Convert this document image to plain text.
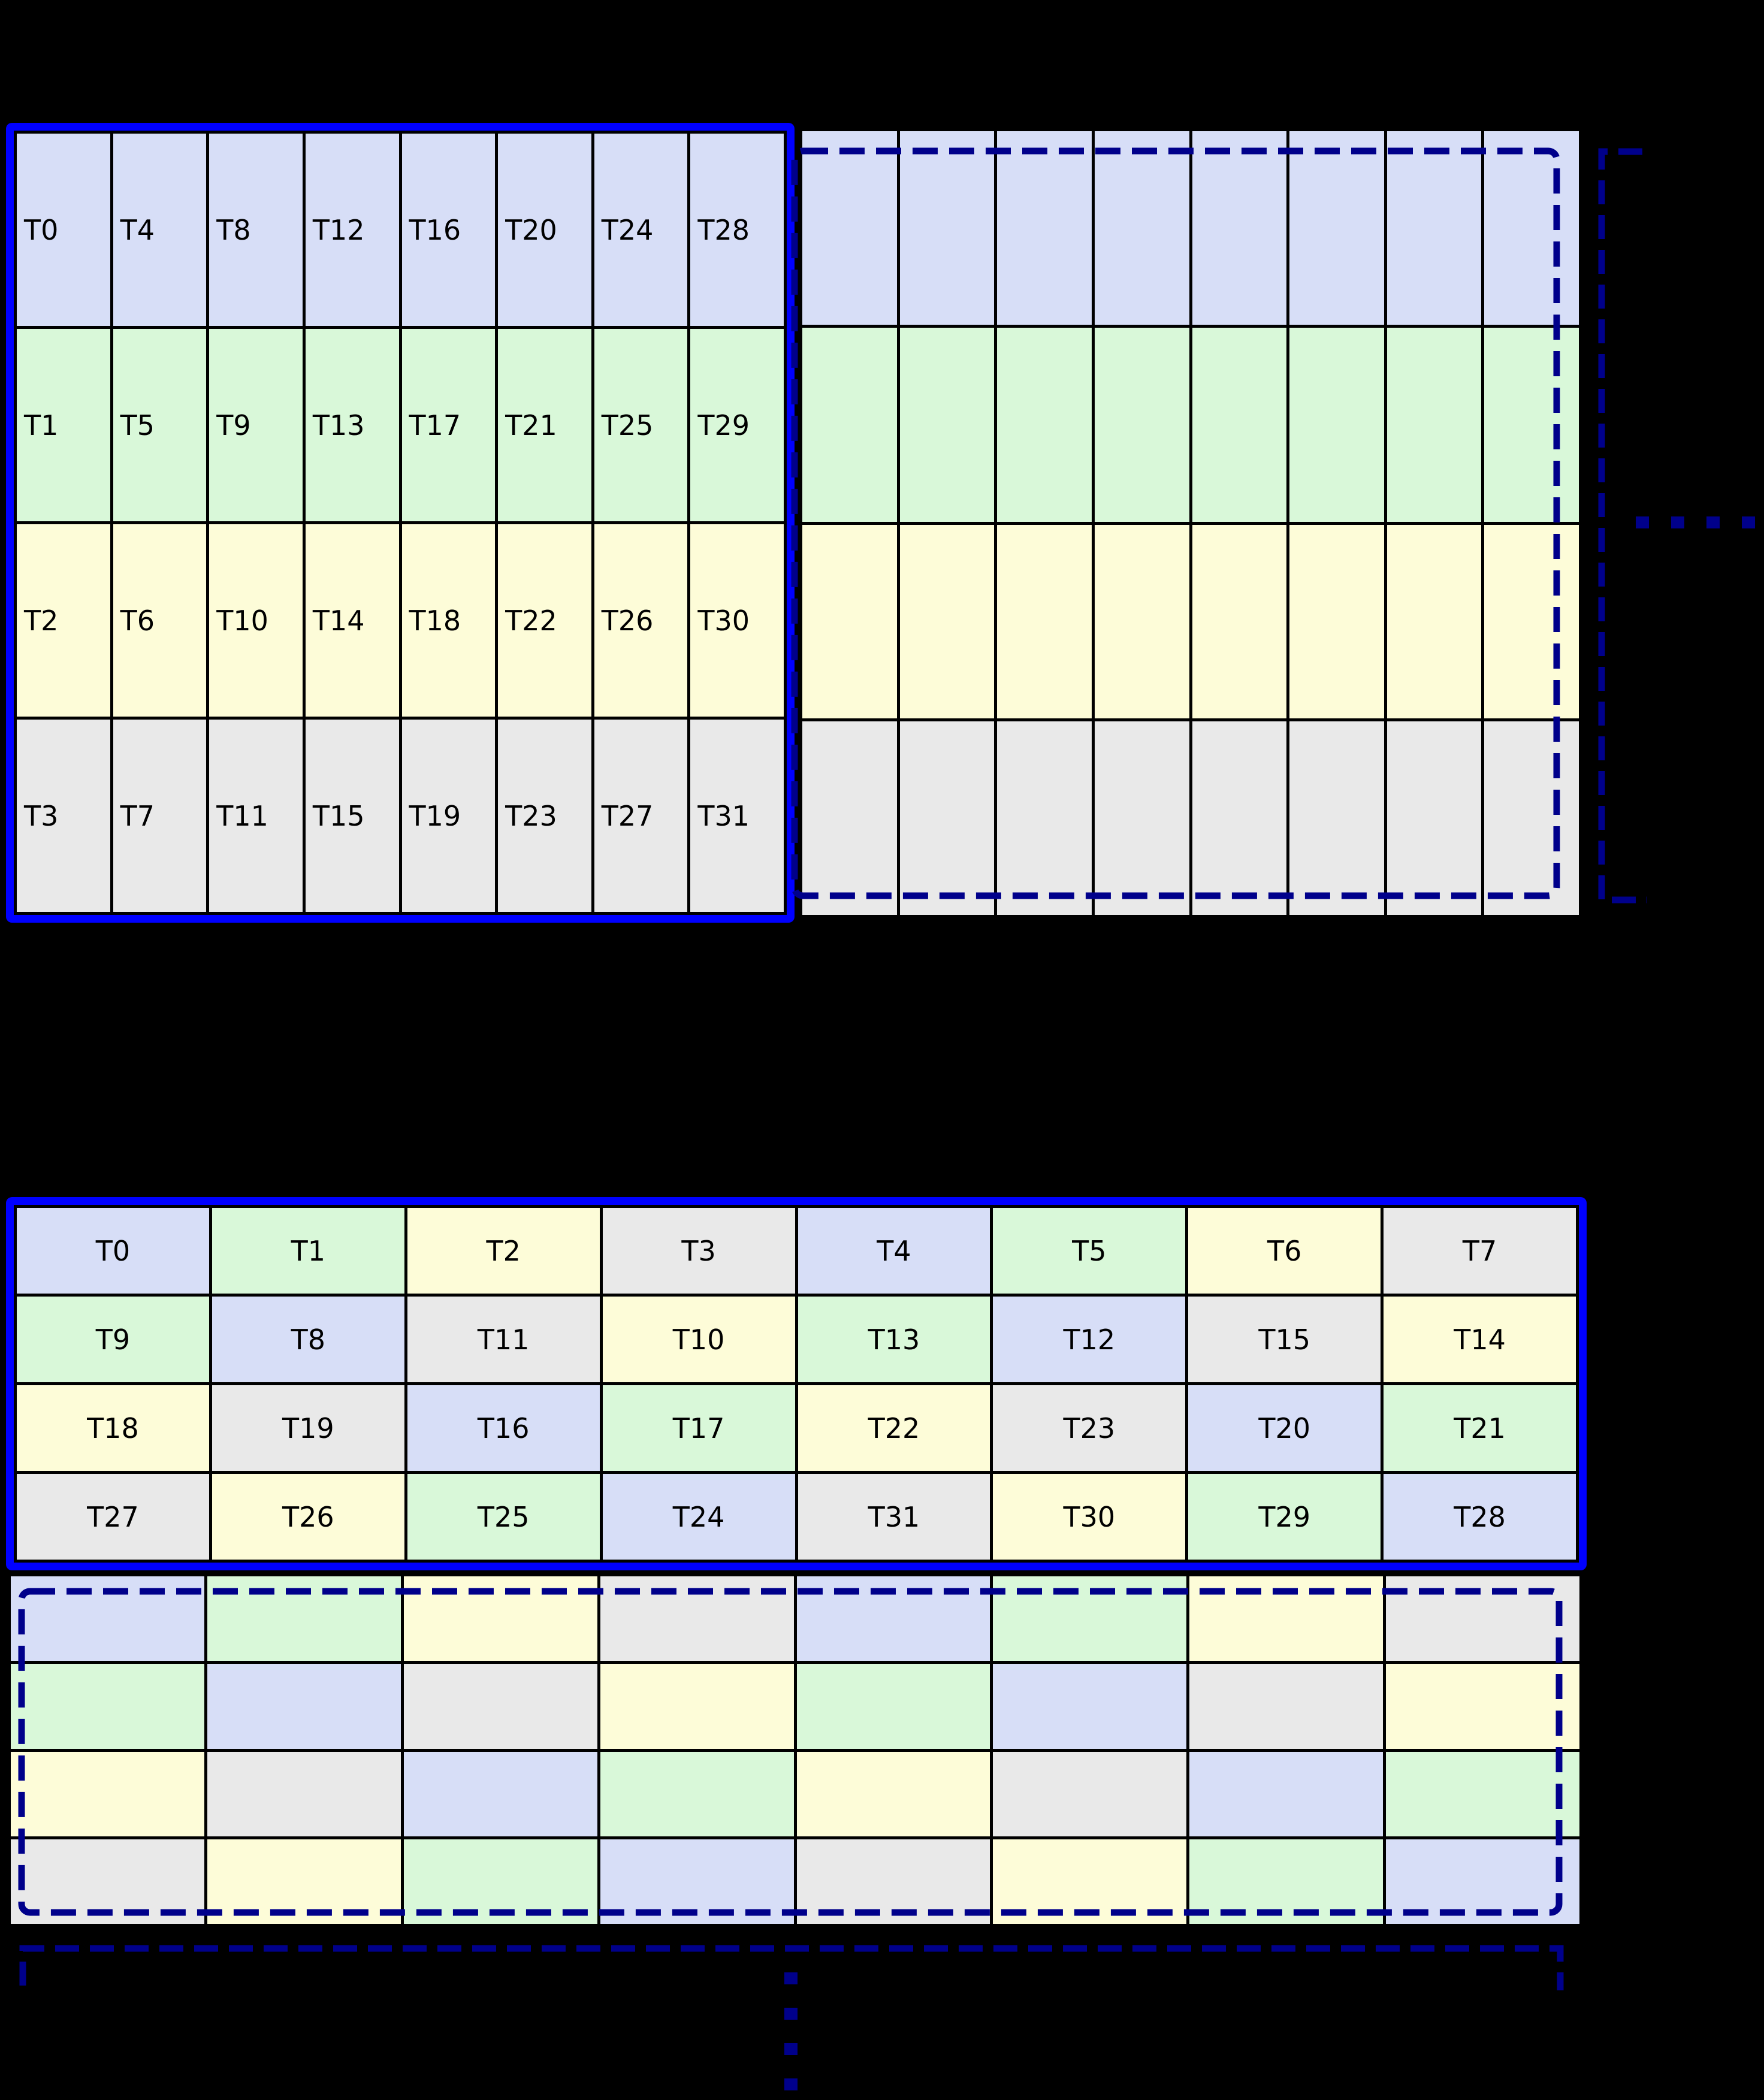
T0	T4	T8	T12	T16	T20	T24	T28
T1	T5	T9	T13	T17	T21	T25	T29
T2	T6	T10	T14	T18	T22	T26	T30
T3	T7	T11	T15	T19	T23	T27	T31
T0	T1	T2	T3	T4	T5	T6	T7
T9	T8	T11	T10	T13	T12	T15	T14
T18	T19	T16	T17	T22	T23	T20	T21
T27	T26	T25	T24	T31	T30	T29	T28
